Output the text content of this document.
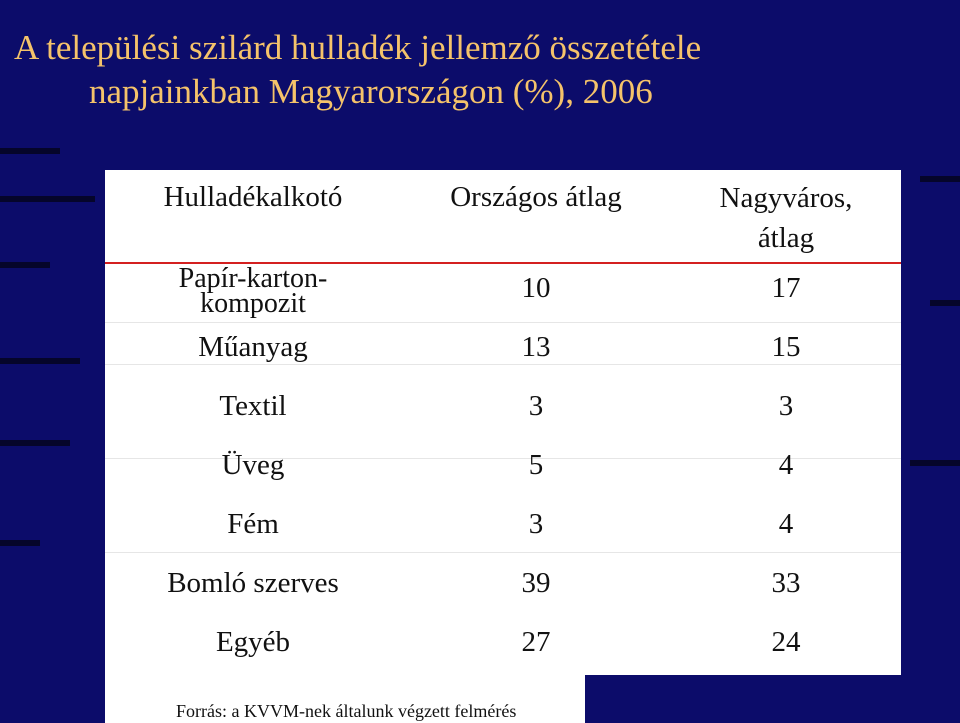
A települési szilárd hulladék jellemző összetétele
napjainkban Magyarországon (%), 2006
Hulladékalkotó	Országos átlag	Nagyváros,
átlag
Papír-karton-
kompozit	10	17
Műanyag	13	15
Textil	3	3
Üveg	5	4
Fém	3	4
Bomló szerves	39	33
Egyéb	27	24
Forrás: a KVVM-nek általunk végzett felmérés
